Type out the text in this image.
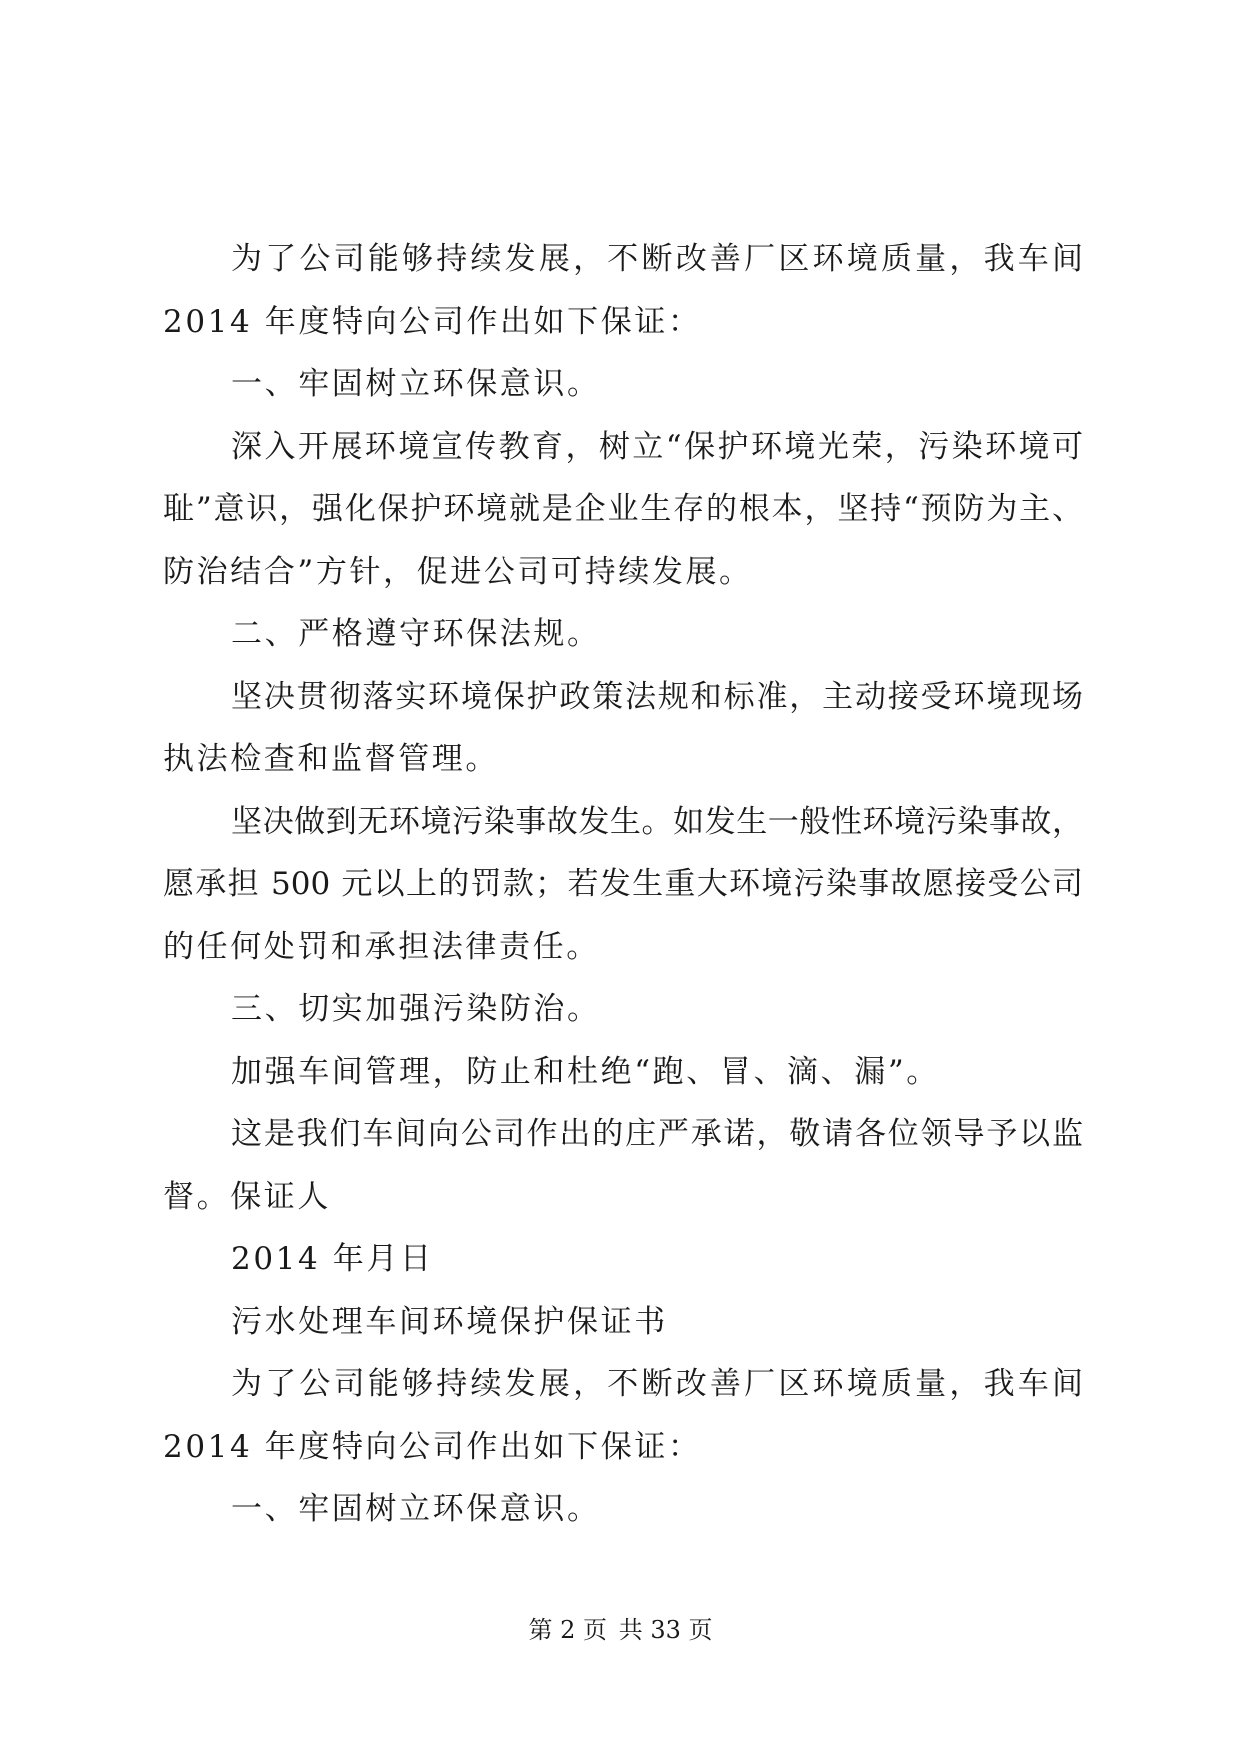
为了公司能够持续发展，不断改善厂区环境质量，我车间
2014 年度特向公司作出如下保证：
一、牢固树立环保意识。
深入开展环境宣传教育，树立“保护环境光荣，污染环境可
耻”意识，强化保护环境就是企业生存的根本，坚持“预防为主、
防治结合”方针，促进公司可持续发展。
二、严格遵守环保法规。
坚决贯彻落实环境保护政策法规和标准，主动接受环境现场
执法检查和监督管理。
坚决做到无环境污染事故发生。如发生一般性环境污染事故，
愿承担 500 元以上的罚款；若发生重大环境污染事故愿接受公司
的任何处罚和承担法律责任。
三、切实加强污染防治。
加强车间管理，防止和杜绝“跑、冒、滴、漏”。
这是我们车间向公司作出的庄严承诺，敬请各位领导予以监
督。保证人
2014 年月日
污水处理车间环境保护保证书
为了公司能够持续发展，不断改善厂区环境质量，我车间
2014 年度特向公司作出如下保证：
一、牢固树立环保意识。
第 2 页 共 33 页
